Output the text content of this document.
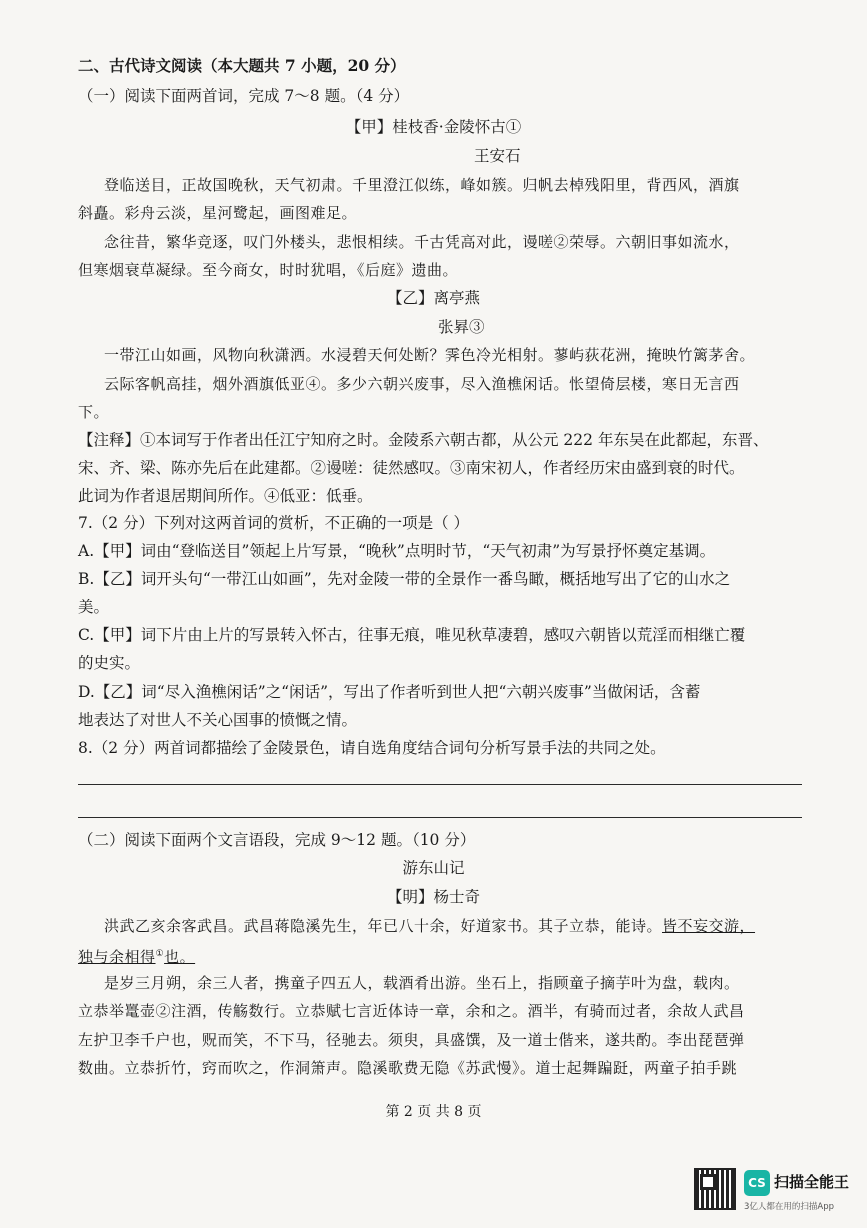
二、古代诗文阅读（本大题共 7 小题，20 分）
（一）阅读下面两首词，完成 7～8 题。（4 分）
【甲】桂枝香·金陵怀古①
王安石
登临送目，正故国晚秋，天气初肃。千里澄江似练，峰如簇。归帆去棹残阳里，背西风，酒旗
斜矗。彩舟云淡，星河鹭起，画图难足。
念往昔，繁华竞逐，叹门外楼头，悲恨相续。千古凭高对此，谩嗟②荣辱。六朝旧事如流水，
但寒烟衰草凝绿。至今商女，时时犹唱，《后庭》遗曲。
【乙】离亭燕
张昪③
一带江山如画，风物向秋潇洒。水浸碧天何处断？霁色冷光相射。蓼屿荻花洲，掩映竹篱茅舍。
云际客帆高挂，烟外酒旗低亚④。多少六朝兴废事，尽入渔樵闲话。怅望倚层楼，寒日无言西
下。
【注释】①本词写于作者出任江宁知府之时。金陵系六朝古都，从公元 222 年东吴在此都起，东晋、
宋、齐、梁、陈亦先后在此建都。②谩嗟：徒然感叹。③南宋初人，作者经历宋由盛到衰的时代。
此词为作者退居期间所作。④低亚：低垂。
7.（2 分）下列对这两首词的赏析，不正确的一项是（ ）
A.【甲】词由“登临送目”领起上片写景，“晚秋”点明时节，“天气初肃”为写景抒怀奠定基调。
B.【乙】词开头句“一带江山如画”，先对金陵一带的全景作一番鸟瞰，概括地写出了它的山水之
美。
C.【甲】词下片由上片的写景转入怀古，往事无痕，唯见秋草凄碧，感叹六朝皆以荒淫而相继亡覆
的史实。
D.【乙】词“尽入渔樵闲话”之“闲话”，写出了作者听到世人把“六朝兴废事”当做闲话，含蓄
地表达了对世人不关心国事的愤慨之情。
8.（2 分）两首词都描绘了金陵景色，请自选角度结合词句分析写景手法的共同之处。
（二）阅读下面两个文言语段，完成 9～12 题。（10 分）
游东山记
【明】杨士奇
洪武乙亥余客武昌。武昌蒋隐溪先生，年已八十余，好道家书。其子立恭，能诗。皆不妄交游，
独与余相得①也。
是岁三月朔，余三人者，携童子四五人，载酒肴出游。坐石上，指顾童子摘芋叶为盘，载肉。
立恭举鼍壶②注酒，传觞数行。立恭赋七言近体诗一章，余和之。酒半，有骑而过者，余故人武昌
左护卫李千户也，贶而笑，不下马，径驰去。须臾，具盛馔，及一道士偕来，遂共酌。李出琵琶弹
数曲。立恭折竹，窍而吹之，作洞箫声。隐溪歌费无隐《苏武慢》。道士起舞蹁跹，两童子拍手跳
第 2 页 共 8 页
CS 扫描全能王
3亿人都在用的扫描App
